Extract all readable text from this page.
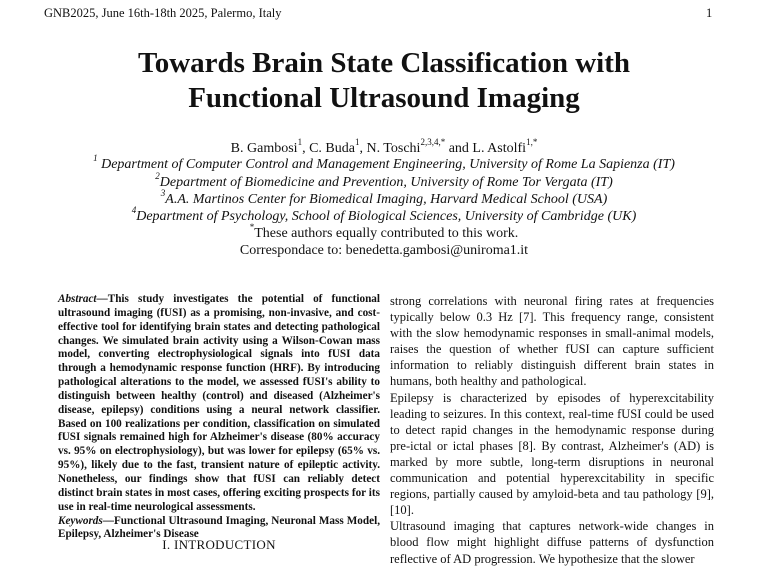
GNB2025, June 16th-18th 2025, Palermo, Italy	1
Towards Brain State Classification with
Functional Ultrasound Imaging
B. Gambosi$^1$, C. Buda$^1$, N. Toschi$^{2,3,4,*}$ and L. Astolfi$^{1,*}$
$^1$ Department of Computer Control and Management Engineering, University of Rome La Sapienza (IT)
$^2$Department of Biomedicine and Prevention, University of Rome Tor Vergata (IT)
$^3$A.A. Martinos Center for Biomedical Imaging, Harvard Medical School (USA)
$^4$Department of Psychology, School of Biological Sciences, University of Cambridge (UK)
*These authors equally contributed to this work.
Correspondace to: benedetta.gambosi@uniroma1.it

Abstract—This study investigates the potential of functional ultrasound imaging (fUSI) as a promising, non-invasive, and cost-effective tool for identifying brain states and detecting pathological changes. We simulated brain activity using a Wilson-Cowan mass model, converting electrophysiological signals into fUSI data through a hemodynamic response function (HRF). By introducing pathological alterations to the model, we assessed fUSI's ability to distinguish between healthy (control) and diseased (Alzheimer's disease, epilepsy) conditions using a neural network classifier. Based on 100 realizations per condition, classification on simulated fUSI signals remained high for Alzheimer's disease (80% accuracy vs. 95% on electrophysiology), but was lower for epilepsy (65% vs. 95%), likely due to the fast, transient nature of epileptic activity. Nonetheless, our findings show that fUSI can reliably detect distinct brain states in most cases, offering exciting prospects for its use in real-time neurological assessments.

Keywords—Functional Ultrasound Imaging, Neuronal Mass Model, Epilepsy, Alzheimer's Disease

I. INTRODUCTION

strong correlations with neuronal firing rates at frequencies typically below 0.3 Hz [7]. This frequency range, consistent with the slow hemodynamic responses in small-animal models, raises the question of whether fUSI can capture sufficient information to reliably distinguish different brain states in humans, both healthy and pathological.

Epilepsy is characterized by episodes of hyperexcitability leading to seizures. In this context, real-time fUSI could be used to detect rapid changes in the hemodynamic response during pre-ictal or ictal phases [8]. By contrast, Alzheimer's (AD) is marked by more subtle, long-term disruptions in neuronal communication and potential hyperexcitability in specific regions, partially caused by amyloid-beta and tau pathology [9], [10].

Ultrasound imaging that captures network-wide changes in blood flow might highlight diffuse patterns of dysfunction reflective of AD progression. We hypothesize that the slower
